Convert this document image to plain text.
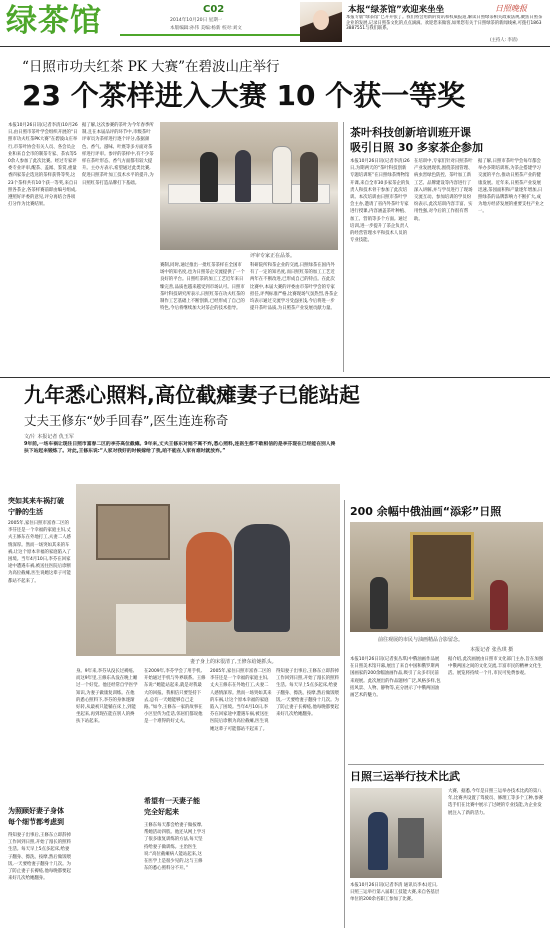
绿茶馆	C02
2014年10月20日 星期一
本版编辑:孙伟 美编:杨新 校对:刘文
本报“绿茶馆”欢迎来坐坐	日照晚报
本报专版“绿茶馆”已开开张了。我们将会用新的资讯和权威报道,解读日照绿茶相关政策法规,聚焦日照茶企业的发展,记录日照茶文化的点点滴滴。欢迎您来做客,如果您有关于日照绿茶的新闻线索,可拨打18633887551与我们联系。
(主持人: 李清)
“日照市功夫红茶 PK 大赛”在碧波山庄举行
23 个茶样进入大赛 10 个获一等奖
本报10月26日讯(记者李清)10月26日,由日照市茶叶学会组织开展的“日照市功夫红茶PK大赛”在碧波山庄举行,市茶叶协会有关人员、各会员企业和来自全市的制茶专家、茶农等50余人参加了此次比赛。经过专家评委专业评审,醒茶、盖闻、鉴赏,重量香四家茶企选送的茶样获得等奖,这23个茶样共有10个获一等奖,来自日照各茶企,各茶样赛前即由编号组成,遵照好评委的意见,评分再结合各项打分作为比赛结果。
据了解,这次参赛的茶叶为今年春季所制,且在本届品评的环节中,市级茶叶评审员为茶样进行逐个评分,依据颜色、香气、滋味、叶底等多方面对茶样进行评审。参评的茶样中,有不少茶样在茶叶形态、香气方面都有较大提升。主办方表示,希望通过此类比赛,促进日照茶叶加工技术水平的提升,为日照红茶打造品牌打下基础。
评审专家正在品茶。
赛制,同时,通过推出一批红茶茶样在全国市场中的知名度,也为日照茶企交流提供了一个良好的平台。日照红茶的加工工艺近年来日臻完善,品质也越来越受到市场认可。日照市茶叶科技研究所表示,日照红茶在功夫红茶的制作工艺基础上不断创新,已经形成了自己的特色,今后将继续加大对茶企的技术指导。
科研院所和茶企业的交流,日照绿茶在国内外有了一定的知名度,而日照红茶的加工工艺近两年在不断改进,已形成自己的特点。在此次比赛中,本届大赛的评委由市茶叶学会的专家担任,评判标准严格,比赛现场气氛热烈,各茶企均表示通过交流学习受益匪浅,今后将进一步提升茶叶品质,为日照茶产业发展贡献力量。
茶叶科技创新培训班开课
吸引日照 30 多家茶企参加
本报10月26日讯(记者李清)26日,为期两天的“茶叶科技创新专题培训班”在日照绿茶博物馆开课,来自全市30多家茶企的负责人和技术骨干参加了此次培训。本次培训由日照市茶叶学会主办,邀请了省内外茶叶专家进行授课,内容涵盖茶叶种植、加工、营销等多个方面。通过培训,进一步提升了茶企负责人的经营管理水平和技术人员的专业技能。
在培训中,专家们针对日照茶叶产业发展现状,围绕茶园管理、病虫害绿色防控、茶叶加工新工艺、品牌建设等内容进行了深入讲解,并与学员进行了现场交流互动。参加培训的学员纷纷表示,此次培训内容丰富、实用性强,对今后的工作很有帮助。
据了解,日照市茶叶学会每年都会举办多期培训班,为茶企搭建学习交流的平台,推动日照茶产业的健康发展。近年来,日照茶产业发展迅速,茶园面积和产量逐年增加,日照绿茶的品牌影响力不断扩大,成为地方经济发展的重要支柱产业之一。
九年悉心照料,高位截瘫妻子已能站起
丈夫王修东“妙手回春”,医生连连称奇
文/片 本报记者 仇玉军
9年前,一场车祸让现住日照市富春二区的李芬高位截瘫。9年来,丈夫王修东对她不离不弃,悉心照料,连医生都不敢相信的是李芬现在已经能在别人搀扶下站起来锻炼了。对此,王修东说:“人家对我好的时候嫁给了我,咱不能在人家有难时就放弃。”
突如其来车祸打破宁静的生活
2005年,家住日照市富春二区的李芬还是一个幸福的家庭主妇,丈夫王修东在外地打工,夫妻二人感情深厚。然而一场突如其来的车祸,让这个原本幸福的家庭陷入了困境。当年4月10日,李芬在回家途中遭遇车祸,被送往医院后诊断为高位截瘫,医生说她这辈子可能都站不起来了。
为照顾好妻子身体每个细节都考虑到
得知妻子出事后,王修东立即辞掉工作回到日照,开始了漫长的照料生活。每天早上5点多起床,给妻子翻身、擦洗、按摩,然后做饭喂饭,一天要给妻子翻身十几次。为了防止妻子长褥疮,他每晚都要起来好几次给她翻身。
妻子身上的床很清了,王修东给她抓头。
身。9年来,李芬从没长过褥疮,而这9年里,王修东从没在晚上睡过一个好觉。他还经常自学医学知识,为妻子做康复训练。在他的悉心照料下,李芬的身体逐渐好转,从最初只能躺在床上,到能坐起来,再到现在能在别人的搀扶下站起来。
希望有一天妻子能完全好起来
在2009年,李芬学会了用手机,开始通过手机与外界联系。王修东说:“她能站起来,就是对我最大的回报。我相信只要坚持下去,总有一天她能够自己走路。”如今,王修东一家的故事在小区里传为佳话,邻居们都说他是一个难得的好丈夫。
王修东每天都会给妻子做按摩,帮她活动四肢。他还从网上学习了很多康复训练的方法,每天坚持给妻子做训练。主治医生说:“高位截瘫病人能站起来,这在医学上是很少见的,这与王修东的悉心照料分不开。”
2005年,家住日照市富春二区的李芬还是一个幸福的家庭主妇,丈夫王修东在外地打工,夫妻二人感情深厚。然而一场突如其来的车祸,让这个原本幸福的家庭陷入了困境。当年4月10日,李芬在回家途中遭遇车祸,被送往医院后诊断为高位截瘫,医生说她这辈子可能都站不起来了。
得知妻子出事后,王修东立即辞掉工作回到日照,开始了漫长的照料生活。每天早上5点多起床,给妻子翻身、擦洗、按摩,然后做饭喂饭,一天要给妻子翻身十几次。为了防止妻子长褥疮,他每晚都要起来好几次给她翻身。
200 余幅中俄油画“添彩”日照
前往观展的市民与油画精品合影留念。
本报记者 张丛琪 摄
本报10月26日讯(记者张丛琪)中俄油画作品展在日照美术馆开幕,展出了来自中国和俄罗斯两国画家的200余幅油画作品,吸引了众多市民前来观展。此次展出的作品题材广泛,风格多样,包括风景、人物、静物等,充分展示了中俄两国油画艺术的魅力。
据介绍,此次画展由日照市文化部门主办,旨在加强中俄两国之间的文化交流,丰富市民的精神文化生活。展览将持续一个月,市民可免费参观。
日照三运举行技术比武
本报10月26日讯(记者李清 通讯员李本)近日,日照三运举行第八届职工技能大赛,来自各基层单位的200余名职工参加了比赛。
大赛、据悉,今年是日照三运举办技术比武的第八年,比赛共设置了驾驶员、修理工等多个工种,参赛选手们在比赛中展示了过硬的专业技能,为企业发展注入了新的活力。
